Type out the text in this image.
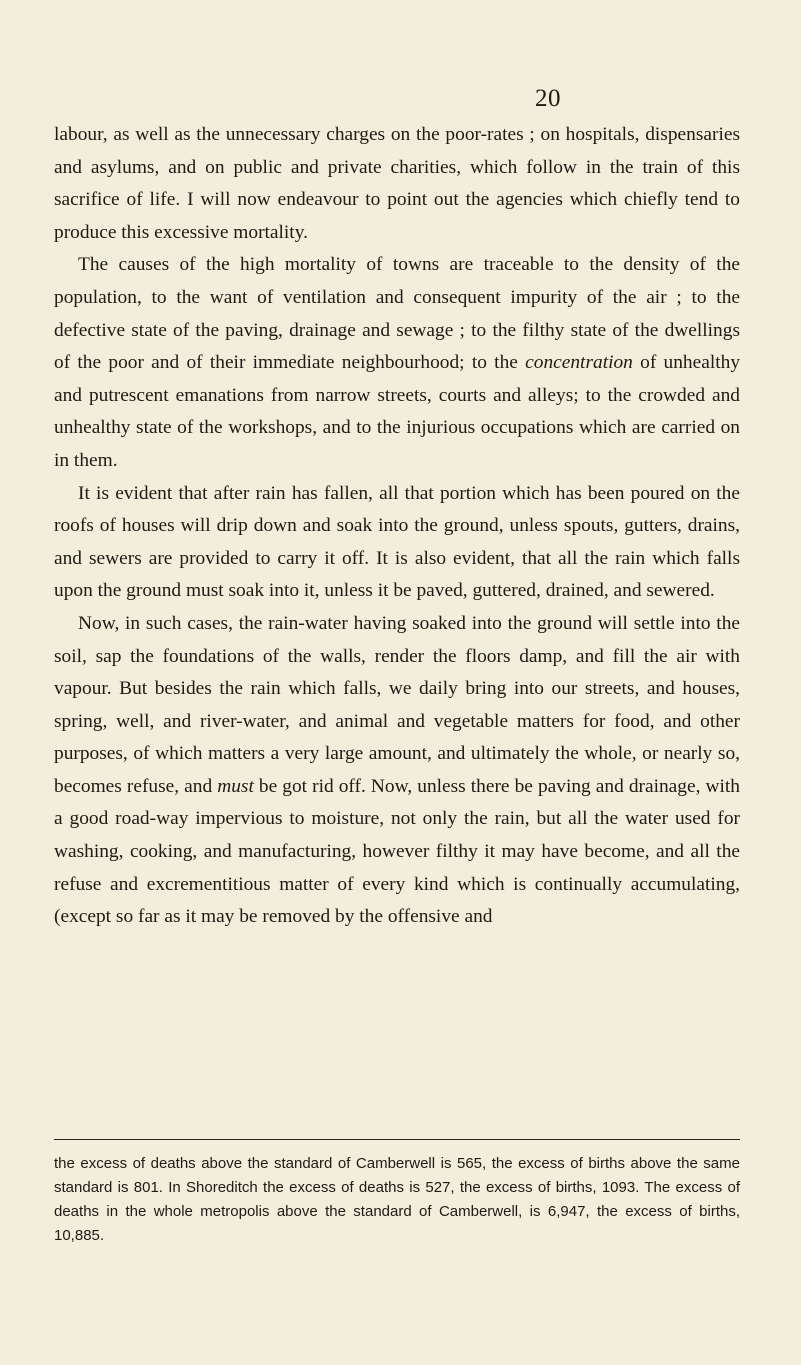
20

labour, as well as the unnecessary charges on the poor-rates ; on hospitals, dispensaries and asylums, and on public and private charities, which follow in the train of this sacrifice of life. I will now endeavour to point out the agencies which chiefly tend to produce this excessive mortality.

The causes of the high mortality of towns are traceable to the density of the population, to the want of ventilation and consequent impurity of the air ; to the defective state of the paving, drainage and sewage ; to the filthy state of the dwellings of the poor and of their immediate neighbourhood; to the concentration of unhealthy and putrescent emanations from narrow streets, courts and alleys; to the crowded and unhealthy state of the workshops, and to the injurious occupations which are carried on in them.

It is evident that after rain has fallen, all that portion which has been poured on the roofs of houses will drip down and soak into the ground, unless spouts, gutters, drains, and sewers are provided to carry it off. It is also evident, that all the rain which falls upon the ground must soak into it, unless it be paved, guttered, drained, and sewered.

Now, in such cases, the rain-water having soaked into the ground will settle into the soil, sap the foundations of the walls, render the floors damp, and fill the air with vapour. But besides the rain which falls, we daily bring into our streets, and houses, spring, well, and river-water, and animal and vegetable matters for food, and other purposes, of which matters a very large amount, and ultimately the whole, or nearly so, becomes refuse, and must be got rid off. Now, unless there be paving and drainage, with a good road-way impervious to moisture, not only the rain, but all the water used for washing, cooking, and manufacturing, however filthy it may have become, and all the refuse and excrementitious matter of every kind which is continually accumulating, (except so far as it may be removed by the offensive and

the excess of deaths above the standard of Camberwell is 565, the excess of births above the same standard is 801. In Shoreditch the excess of deaths is 527, the excess of births, 1093. The excess of deaths in the whole metropolis above the standard of Camberwell, is 6,947, the excess of births, 10,885.
